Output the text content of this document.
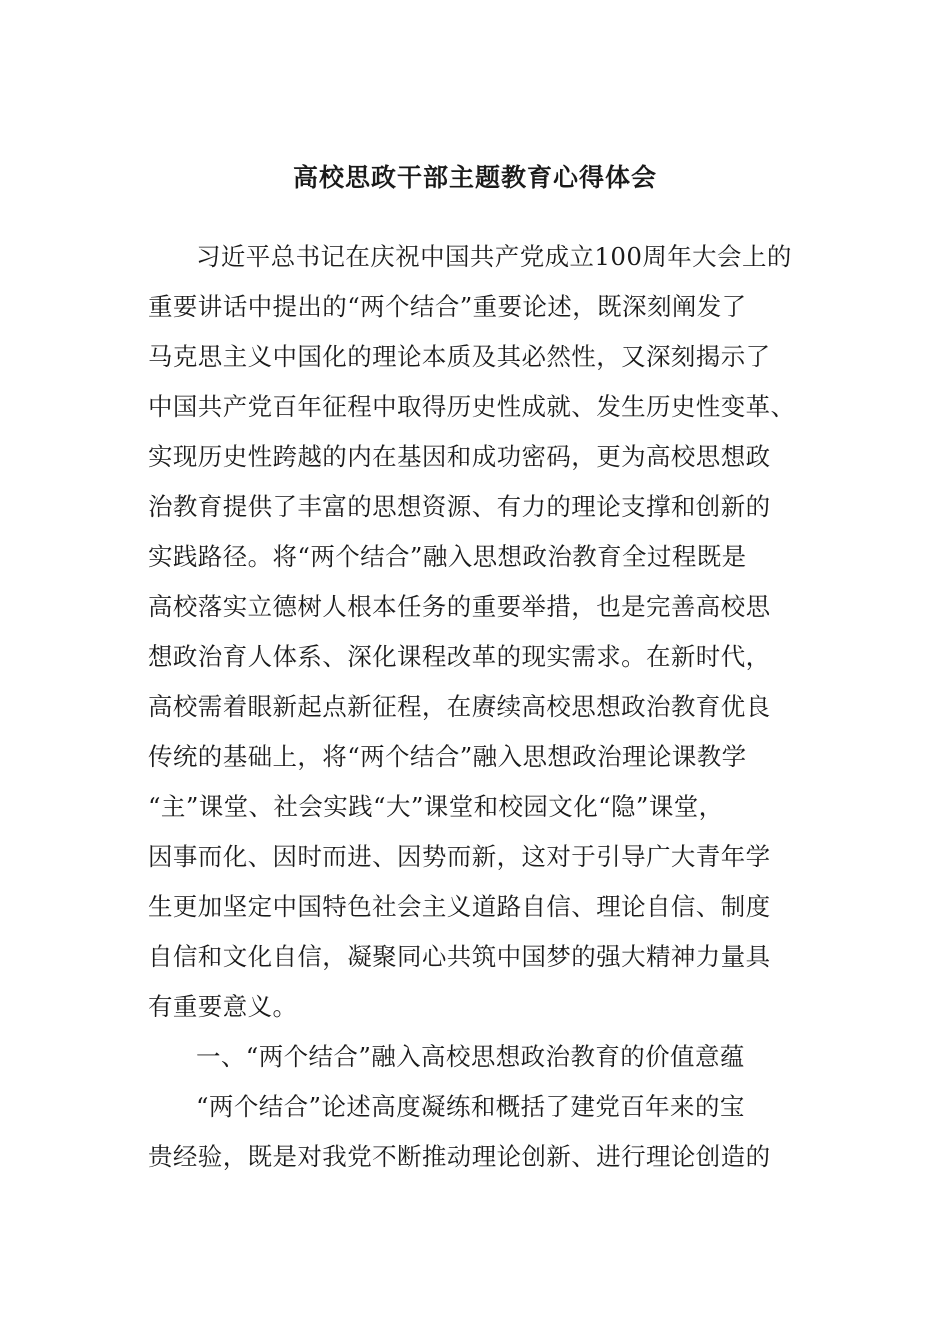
高校思政干部主题教育心得体会
习近平总书记在庆祝中国共产党成立100周年大会上的
重要讲话中提出的“两个结合”重要论述，既深刻阐发了
马克思主义中国化的理论本质及其必然性，又深刻揭示了
中国共产党百年征程中取得历史性成就、发生历史性变革、
实现历史性跨越的内在基因和成功密码，更为高校思想政
治教育提供了丰富的思想资源、有力的理论支撑和创新的
实践路径。将“两个结合”融入思想政治教育全过程既是
高校落实立德树人根本任务的重要举措，也是完善高校思
想政治育人体系、深化课程改革的现实需求。在新时代，
高校需着眼新起点新征程，在赓续高校思想政治教育优良
传统的基础上，将“两个结合”融入思想政治理论课教学
“主”课堂、社会实践“大”课堂和校园文化“隐”课堂，
因事而化、因时而进、因势而新，这对于引导广大青年学
生更加坚定中国特色社会主义道路自信、理论自信、制度
自信和文化自信，凝聚同心共筑中国梦的强大精神力量具
有重要意义。
一、“两个结合”融入高校思想政治教育的价值意蕴
“两个结合”论述高度凝练和概括了建党百年来的宝
贵经验，既是对我党不断推动理论创新、进行理论创造的
